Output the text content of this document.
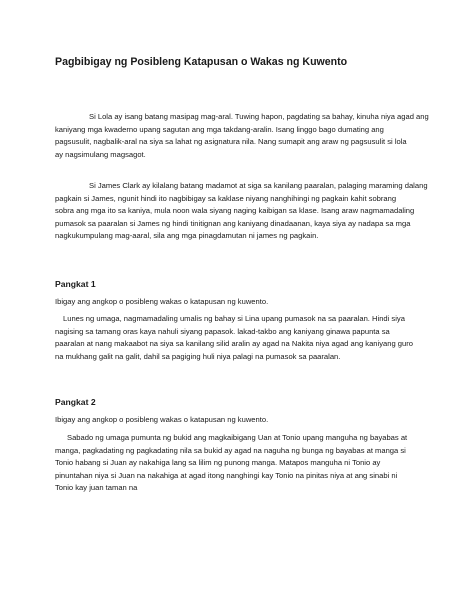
Pagbibigay ng Posibleng Katapusan o Wakas ng Kuwento

Si Lola ay isang batang masipag mag-aral. Tuwing hapon, pagdating sa bahay, kinuha niya agad ang
kaniyang mga kwaderno upang sagutan ang mga takdang-aralin. Isang linggo bago dumating ang
pagsusulit, nagbalik-aral na siya sa lahat ng asignatura nila. Nang sumapit ang araw ng pagsusulit si lola
ay nagsimulang magsagot.

Si James Clark ay kilalang batang madamot at siga sa kanilang paaralan, palaging maraming dalang
pagkain si James, ngunit hindi ito nagbibigay sa kaklase niyang nanghihingi ng pagkain kahit sobrang
sobra ang mga ito sa kaniya, mula noon wala siyang naging kaibigan sa klase. Isang araw nagmamadaling
pumasok sa paaralan si James ng hindi tinitignan ang kaniyang dinadaanan, kaya siya ay nadapa sa mga
nagkukumpulang mag-aaral, sila ang mga pinagdamutan ni james ng pagkain.

Pangkat 1
Ibigay ang angkop o posibleng wakas o katapusan ng kuwento.

Lunes ng umaga, nagmamadaling umalis ng bahay si Lina upang pumasok na sa paaralan. Hindi siya
nagising sa tamang oras kaya nahuli siyang papasok. lakad-takbo ang kaniyang ginawa papunta sa
paaralan at nang makaabot na siya sa kanilang silid aralin ay agad na Nakita niya agad ang kaniyang guro
na mukhang galit na galit, dahil sa pagiging huli niya palagi na pumasok sa paaralan.

Pangkat 2
Ibigay ang angkop o posibleng wakas o katapusan ng kuwento.

Sabado ng umaga pumunta ng bukid ang magkaibigang Uan at Tonio upang manguha ng bayabas at
manga, pagkadating ng pagkadating nila sa bukid ay agad na naguha ng bunga ng bayabas at manga si
Tonio habang si Juan ay nakahiga lang sa lilim ng punong manga. Matapos manguha ni Tonio ay
pinuntahan niya si Juan na nakahiga at agad itong nanghingi kay Tonio na pinitas niya at ang sinabi ni
Tonio kay juan taman na
